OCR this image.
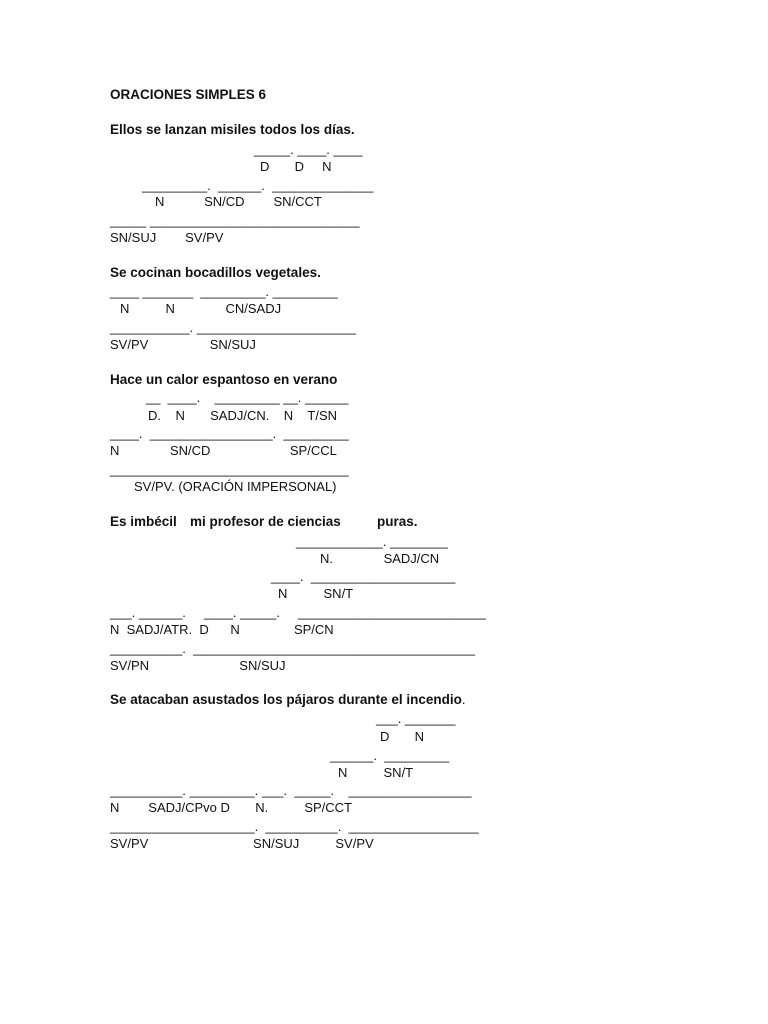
ORACIONES SIMPLES 6
Ellos se lanzan misiles todos los días.
_____. ____. ____
D       D     N
_________.  ______.  ______________
N           SN/CD        SN/CCT
_____ _____________________________
SN/SUJ        SV/PV
Se cocinan bocadillos vegetales.
____ _______  _________. _________
N          N              CN/SADJ
___________. ______________________
SV/PV                 SN/SUJ
Hace un calor espantoso en verano
__  ____.    _________ __. ______
D.    N       SADJ/CN.    N    T/SN
____.  _________________.  _________
N              SN/CD                      SP/CCL
_________________________________
SV/PV. (ORACIÓN IMPERSONAL)
Es imbécil mi profesor de ciencias	puras.
____________. ________
N.              SADJ/CN
____.  ____________________
N          SN/T
___. ______.     ____. _____.     __________________________
N  SADJ/ATR.  D      N               SP/CN
__________.  _______________________________________
SV/PN                         SN/SUJ
Se atacaban asustados los pájaros durante el incendio.
___. _______
D       N
______.  _________
N          SN/T
__________. _________. ___.  _____.    _________________
N        SADJ/CPvo D       N.          SP/CCT
____________________.  __________.  __________________
SV/PV                             SN/SUJ          SV/PV
